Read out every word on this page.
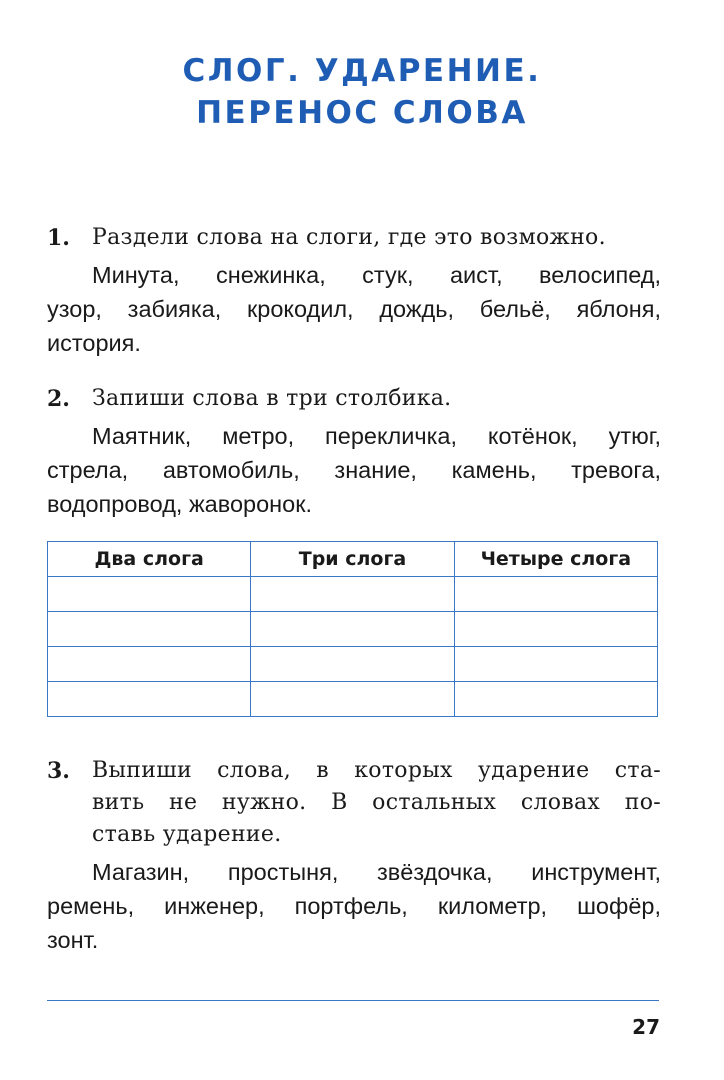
СЛОГ. УДАРЕНИЕ.
ПЕРЕНОС СЛОВА
1.	Раздели слова на слоги, где это возможно.
Минута, снежинка, стук, аист, велосипед,
узор, забияка, крокодил, дождь, бельё, яблоня,
история.
2.	Запиши слова в три столбика.
Маятник, метро, перекличка, котёнок, утюг,
стрела, автомобиль, знание, камень, тревога,
водопровод, жаворонок.
Два слога	Три слога	Четыре слога

3.	Выпиши слова, в которых ударение ста-
вить не нужно. В остальных словах по-
ставь ударение.
Магазин, простыня, звёздочка, инструмент,
ремень, инженер, портфель, километр, шофёр,
зонт.
27
